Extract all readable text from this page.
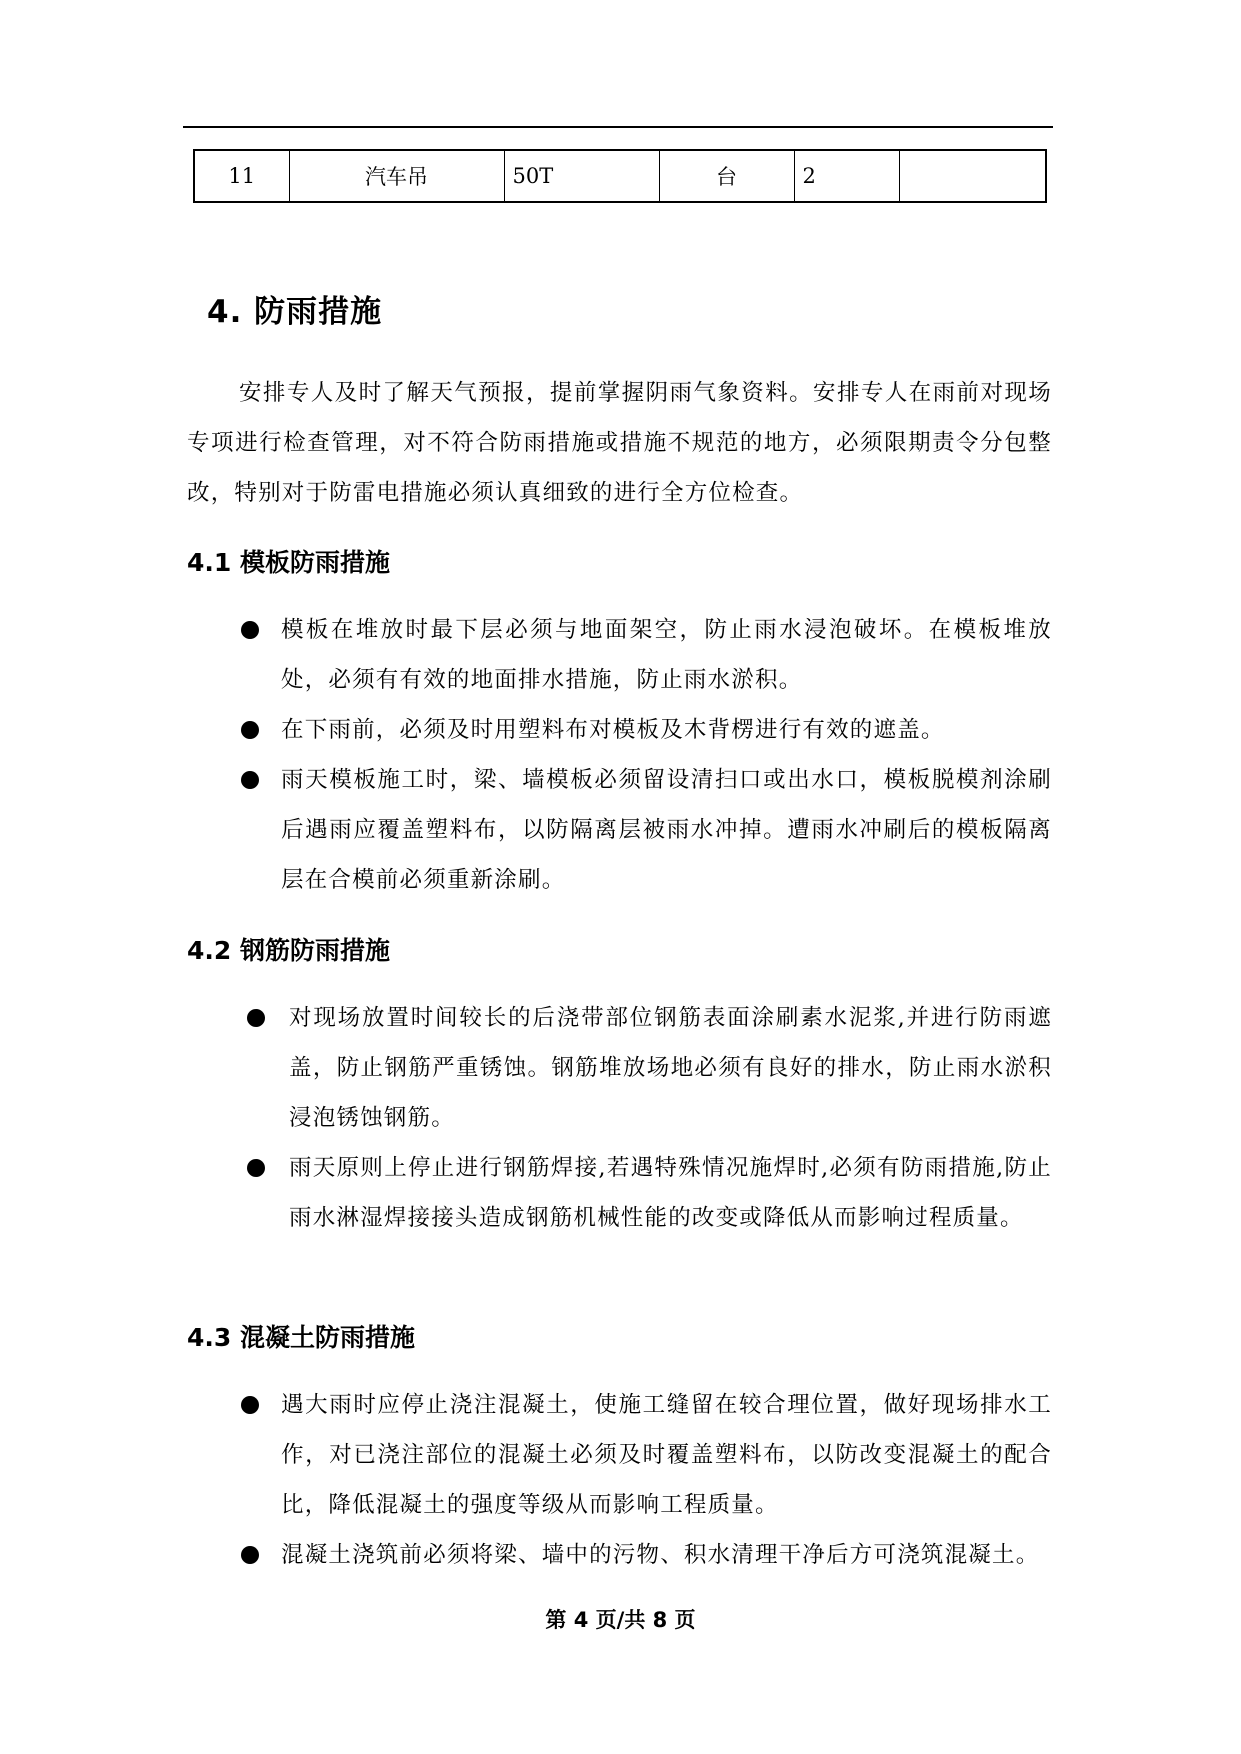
11	汽车吊	50T	台	2	
4. 防雨措施
安排专人及时了解天气预报，提前掌握阴雨气象资料。安排专人在雨前对现场专项进行检查管理，对不符合防雨措施或措施不规范的地方，必须限期责令分包整改，特别对于防雷电措施必须认真细致的进行全方位检查。
4.1 模板防雨措施
模板在堆放时最下层必须与地面架空，防止雨水浸泡破坏。在模板堆放处，必须有有效的地面排水措施，防止雨水淤积。
在下雨前，必须及时用塑料布对模板及木背楞进行有效的遮盖。
雨天模板施工时，梁、墙模板必须留设清扫口或出水口，模板脱模剂涂刷后遇雨应覆盖塑料布，以防隔离层被雨水冲掉。遭雨水冲刷后的模板隔离层在合模前必须重新涂刷。
4.2 钢筋防雨措施
对现场放置时间较长的后浇带部位钢筋表面涂刷素水泥浆,并进行防雨遮盖，防止钢筋严重锈蚀。钢筋堆放场地必须有良好的排水，防止雨水淤积浸泡锈蚀钢筋。
雨天原则上停止进行钢筋焊接,若遇特殊情况施焊时,必须有防雨措施,防止雨水淋湿焊接接头造成钢筋机械性能的改变或降低从而影响过程质量。
4.3 混凝土防雨措施
遇大雨时应停止浇注混凝土，使施工缝留在较合理位置，做好现场排水工作，对已浇注部位的混凝土必须及时覆盖塑料布，以防改变混凝土的配合比，降低混凝土的强度等级从而影响工程质量。
混凝土浇筑前必须将梁、墙中的污物、积水清理干净后方可浇筑混凝土。
第 4 页/共 8 页
